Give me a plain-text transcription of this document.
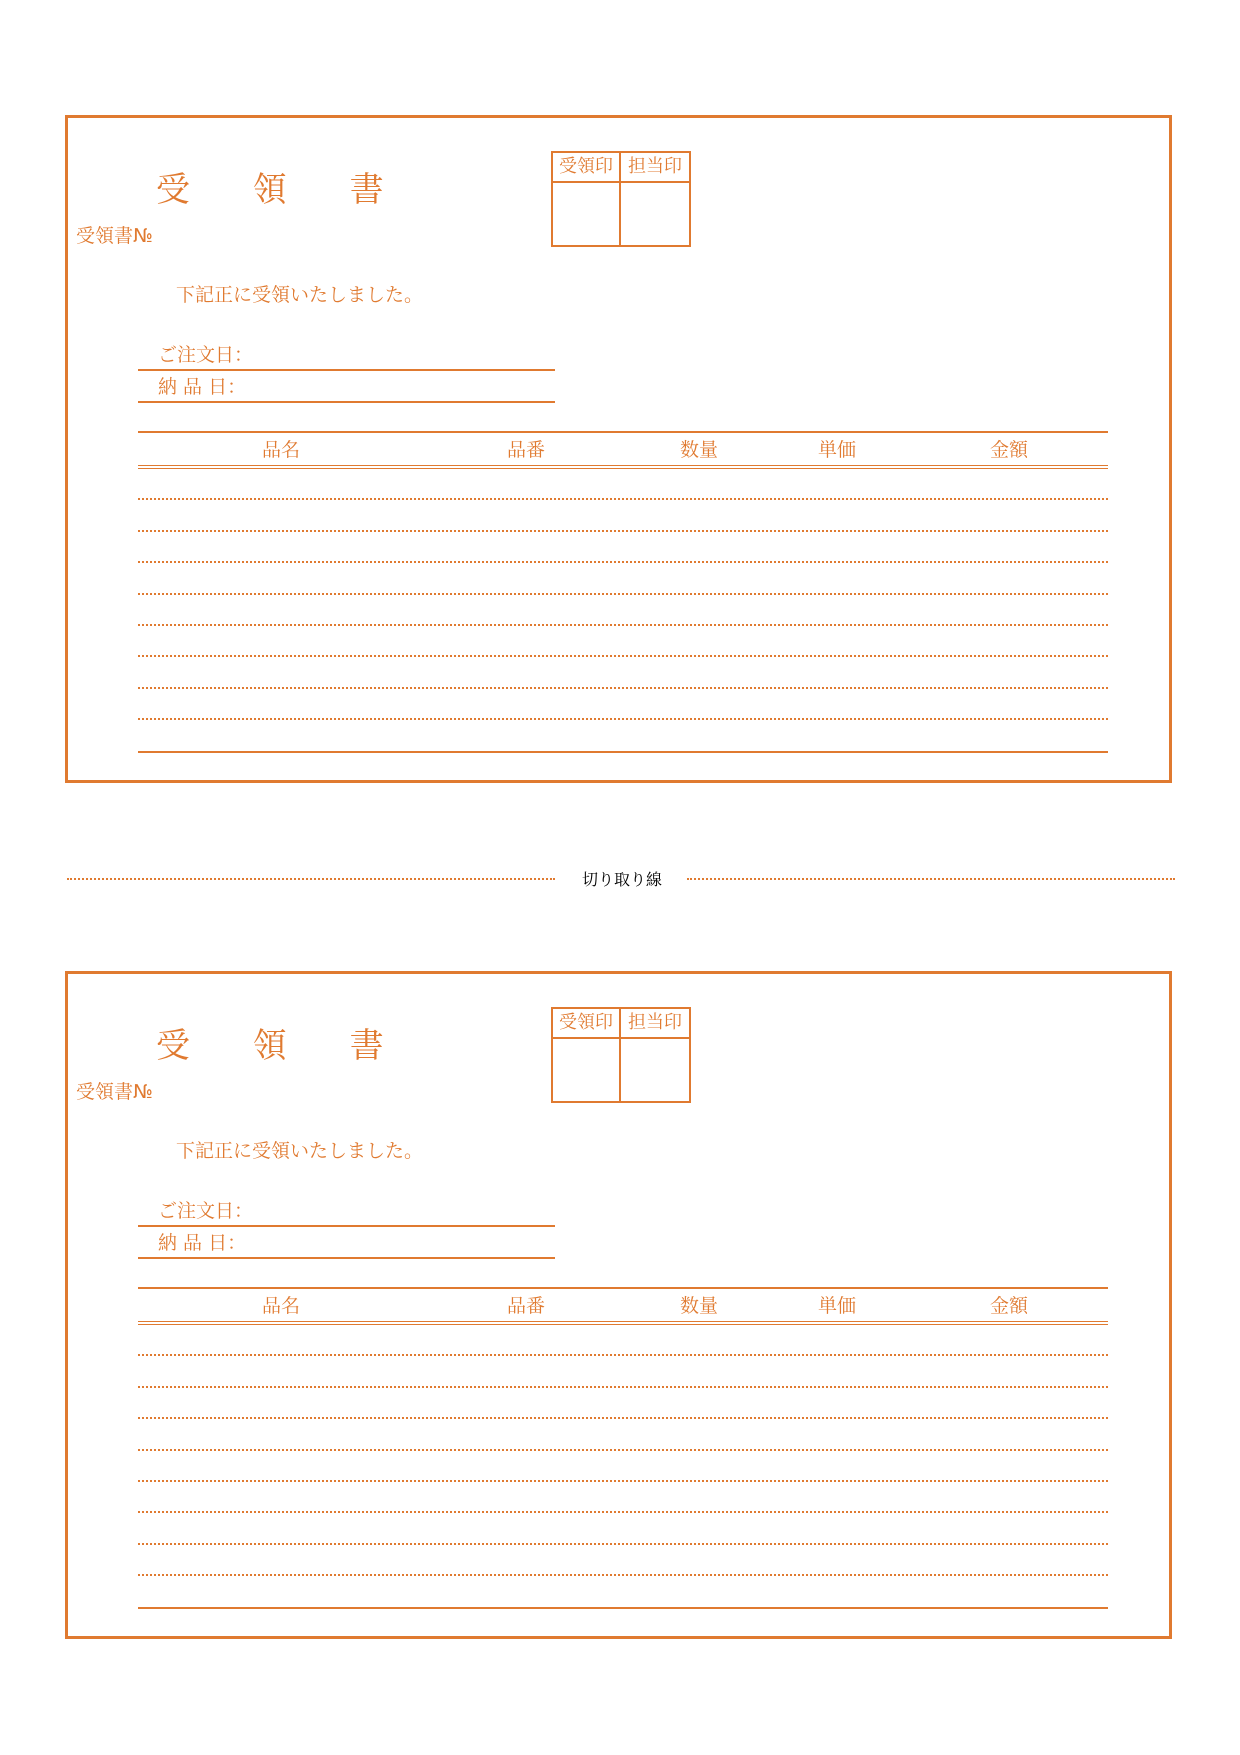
受 領 書
受領書№
受領印 担当印
下記正に受領いたしました。
ご注文日：
納 品 日：
品名	品番	数量	単価	金額
切り取り線
受 領 書
受領書№
受領印 担当印
下記正に受領いたしました。
ご注文日：
納 品 日：
品名	品番	数量	単価	金額
